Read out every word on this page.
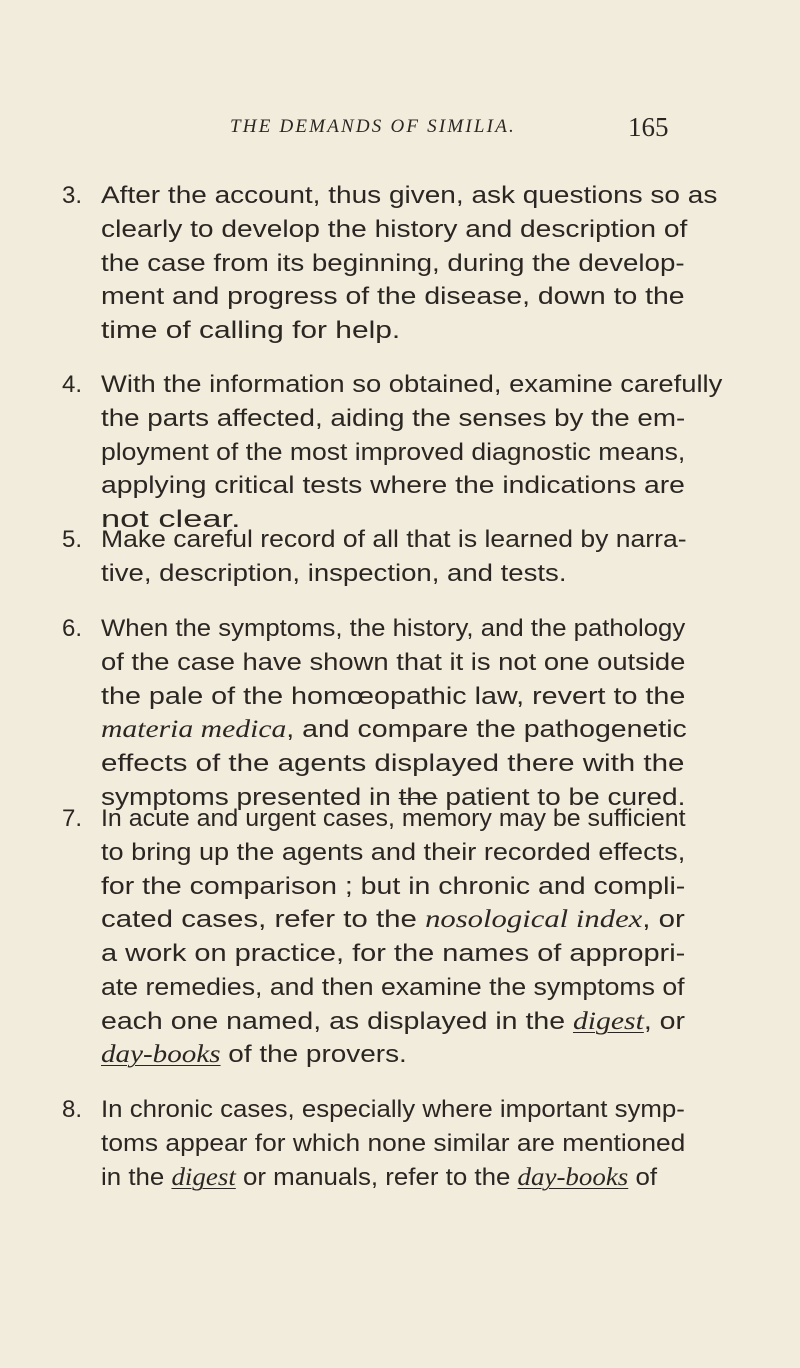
THE DEMANDS OF SIMILIA.	165
3. After the account, thus given, ask questions so as
clearly to develop the history and description of
the case from its beginning, during the develop-
ment and progress of the disease, down to the
time of calling for help.
4. With the information so obtained, examine carefully
the parts affected, aiding the senses by the em-
ployment of the most improved diagnostic means,
applying critical tests where the indications are
not clear.
5. Make careful record of all that is learned by narra-
tive, description, inspection, and tests.
6. When the symptoms, the history, and the pathology
of the case have shown that it is not one outside
the pale of the homœopathic law, revert to the
materia medica, and compare the pathogenetic
effects of the agents displayed there with the
symptoms presented in the patient to be cured.
7. In acute and urgent cases, memory may be sufficient
to bring up the agents and their recorded effects,
for the comparison ; but in chronic and compli-
cated cases, refer to the nosological index, or
a work on practice, for the names of appropri-
ate remedies, and then examine the symptoms of
each one named, as displayed in the digest, or
day-books of the provers.
8. In chronic cases, especially where important symp-
toms appear for which none similar are mentioned
in the digest or manuals, refer to the day-books of
